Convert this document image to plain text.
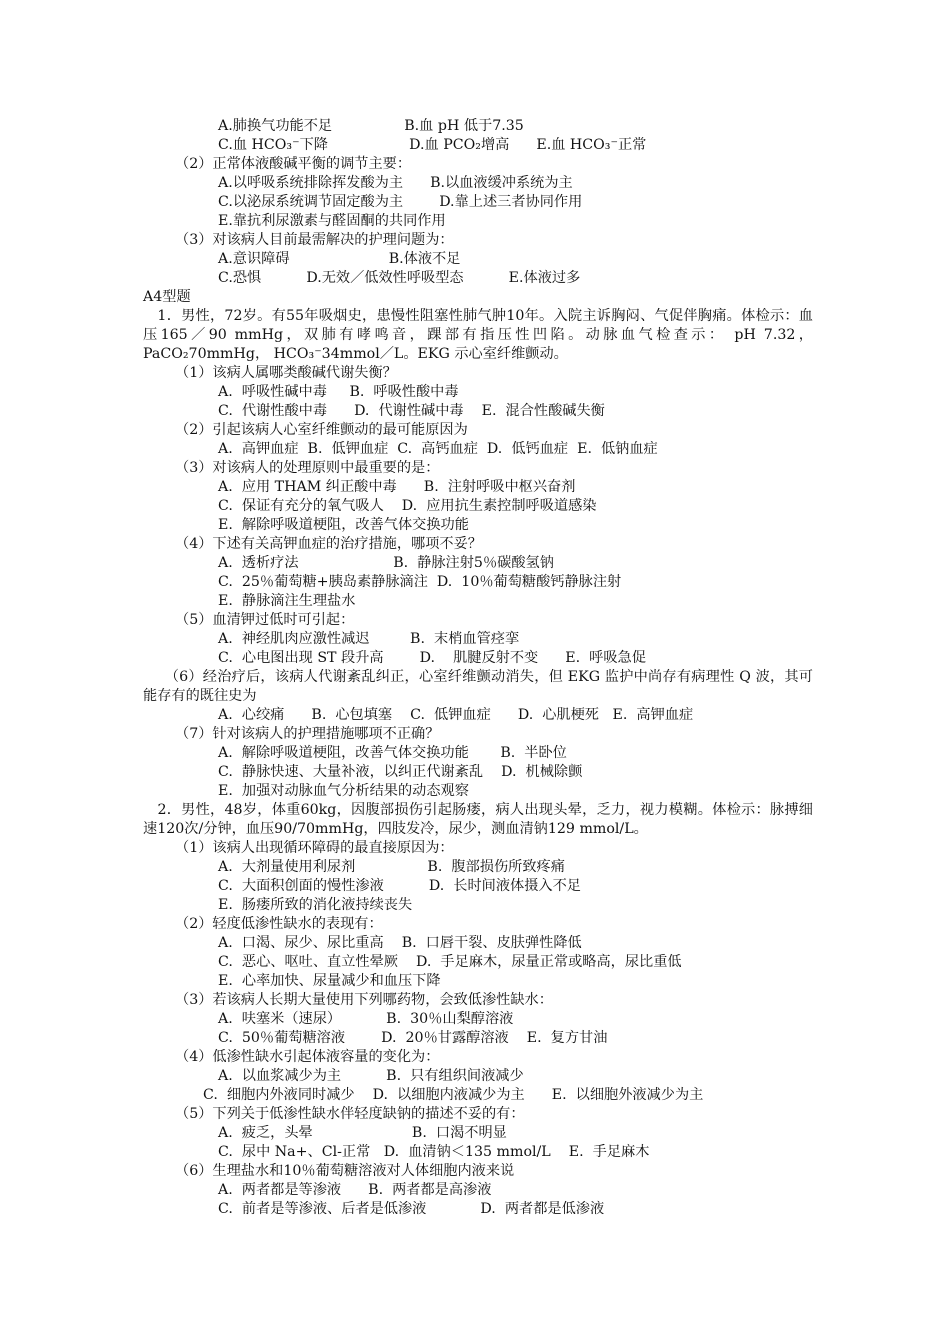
A.肺换气功能不足                B.血 pH 低于7.35
C.血 HCO₃⁻下降                  D.血 PCO₂增高      E.血 HCO₃⁻正常
（2）正常体液酸碱平衡的调节主要：
A.以呼吸系统排除挥发酸为主      B.以血液缓冲系统为主
C.以泌尿系统调节固定酸为主        D.靠上述三者协同作用
E.靠抗利尿激素与醛固酮的共同作用
（3）对该病人目前最需解决的护理问题为：
A.意识障碍                      B.体液不足
C.恐惧          D.无效／低效性呼吸型态          E.体液过多
A4型题
　1．男性，72岁。有55年吸烟史，患慢性阻塞性肺气肿10年。入院主诉胸闷、气促伴胸痛。体检示：血压165／90 mmHg，双肺有哮鸣音，踝部有指压性凹陷。动脉血气检查示： pH 7.32，PaCO₂70mmHg， HCO₃⁻34mmol／L。EKG 示心室纤维颤动。
（1）该病人属哪类酸碱代谢失衡？
A.  呼吸性碱中毒     B.  呼吸性酸中毒
C.  代谢性酸中毒      D.  代谢性碱中毒    E.  混合性酸碱失衡
（2）引起该病人心室纤维颤动的最可能原因为
A.  高钾血症  B.  低钾血症  C.  高钙血症  D.  低钙血症  E.  低钠血症
（3）对该病人的处理原则中最重要的是：
A.  应用 THAM 纠正酸中毒      B.  注射呼吸中枢兴奋剂
C.  保证有充分的氧气吸人    D.  应用抗生素控制呼吸道感染
E.  解除呼吸道梗阻，改善气体交换功能
（4）下述有关高钾血症的治疗措施，哪项不妥？
A.  透析疗法                     B.  静脉注射5％碳酸氢钠
C.  25％葡萄糖+胰岛素静脉滴注  D.  10％葡萄糖酸钙静脉注射
E.  静脉滴注生理盐水
（5）血清钾过低时可引起：
A.  神经肌肉应激性减迟         B.  末梢血管痉挛
C.  心电图出现 ST 段升高        D.    肌腱反射不变      E.  呼吸急促
　　（6）经治疗后，该病人代谢紊乱纠正，心室纤维颤动消失，但 EKG 监护中尚存有病理性 Q 波，其可能存有的既往史为
A.  心绞痛      B.  心包填塞    C.  低钾血症      D.  心肌梗死   E.  高钾血症
（7）针对该病人的护理措施哪项不正确？
A.  解除呼吸道梗阻，改善气体交换功能       B.  半卧位
C.  静脉快速、大量补液，以纠正代谢紊乱    D.  机械除颤
E.  加强对动脉血气分析结果的动态观察
　2．男性，48岁，体重60kg，因腹部损伤引起肠瘘，病人出现头晕，乏力，视力模糊。体检示：脉搏细速120次/分钟，血压90/70mmHg，四肢发冷，尿少，测血清钠129 mmol/L。
（1）该病人出现循环障碍的最直接原因为：
A.  大剂量使用利尿剂                B.  腹部损伤所致疼痛
C.  大面积创面的慢性渗液          D.  长时间液体摄入不足
E.  肠瘘所致的消化液持续丧失
（2）轻度低渗性缺水的表现有：
A.  口渴、尿少、尿比重高    B.  口唇干裂、皮肤弹性降低
C.  恶心、呕吐、直立性晕厥    D.  手足麻木，尿量正常或略高，尿比重低
E.  心率加快、尿量减少和血压下降
（3）若该病人长期大量使用下列哪药物，会致低渗性缺水：
A.  呋塞米（速尿）          B.  30％山梨醇溶液
C.  50％葡萄糖溶液        D.  20％甘露醇溶液    E.  复方甘油
（4）低渗性缺水引起体液容量的变化为：
A.  以血浆减少为主          B.  只有组织间液减少
C.  细胞内外液同时减少    D.  以细胞内液减少为主      E.  以细胞外液减少为主
（5）下列关于低渗性缺水伴轻度缺钠的描述不妥的有：
A.  疲乏，头晕                      B.  口渴不明显
C.  尿中 Na+、Cl-正常   D.  血清钠＜135 mmol/L    E.  手足麻木
（6）生理盐水和10％葡萄糖溶液对人体细胞内液来说
A.  两者都是等渗液      B.  两者都是高渗液
C.  前者是等渗液、后者是低渗液            D.  两者都是低渗液
